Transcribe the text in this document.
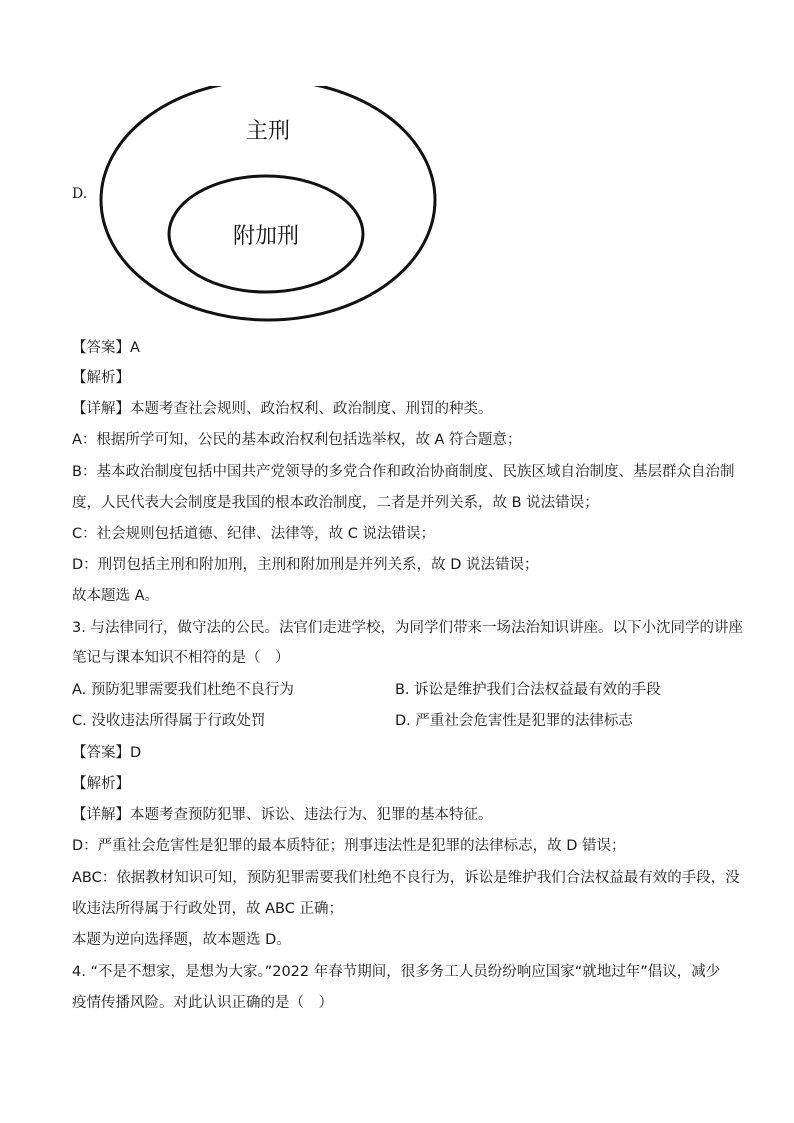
D.
主刑
附加刑
【答案】A
【解析】
【详解】本题考查社会规则、政治权利、政治制度、刑罚的种类。
A：根据所学可知，公民的基本政治权利包括选举权，故 A 符合题意；
B：基本政治制度包括中国共产党领导的多党合作和政治协商制度、民族区域自治制度、基层群众自治制
度，人民代表大会制度是我国的根本政治制度，二者是并列关系，故 B 说法错误；
C：社会规则包括道德、纪律、法律等，故 C 说法错误；
D：刑罚包括主刑和附加刑，主刑和附加刑是并列关系，故 D 说法错误；
故本题选 A。
3. 与法律同行，做守法的公民。法官们走进学校，为同学们带来一场法治知识讲座。以下小沈同学的讲座
笔记与课本知识不相符的是（　）
A. 预防犯罪需要我们杜绝不良行为	B. 诉讼是维护我们合法权益最有效的手段
C. 没收违法所得属于行政处罚	D. 严重社会危害性是犯罪的法律标志
【答案】D
【解析】
【详解】本题考查预防犯罪、诉讼、违法行为、犯罪的基本特征。
D：严重社会危害性是犯罪的最本质特征；刑事违法性是犯罪的法律标志，故 D 错误；
ABC：依据教材知识可知，预防犯罪需要我们杜绝不良行为，诉讼是维护我们合法权益最有效的手段，没
收违法所得属于行政处罚，故 ABC 正确；
本题为逆向选择题，故本题选 D。
4. “不是不想家，是想为大家。”2022 年春节期间，很多务工人员纷纷响应国家“就地过年”倡议，减少
疫情传播风险。对此认识正确的是（　）
